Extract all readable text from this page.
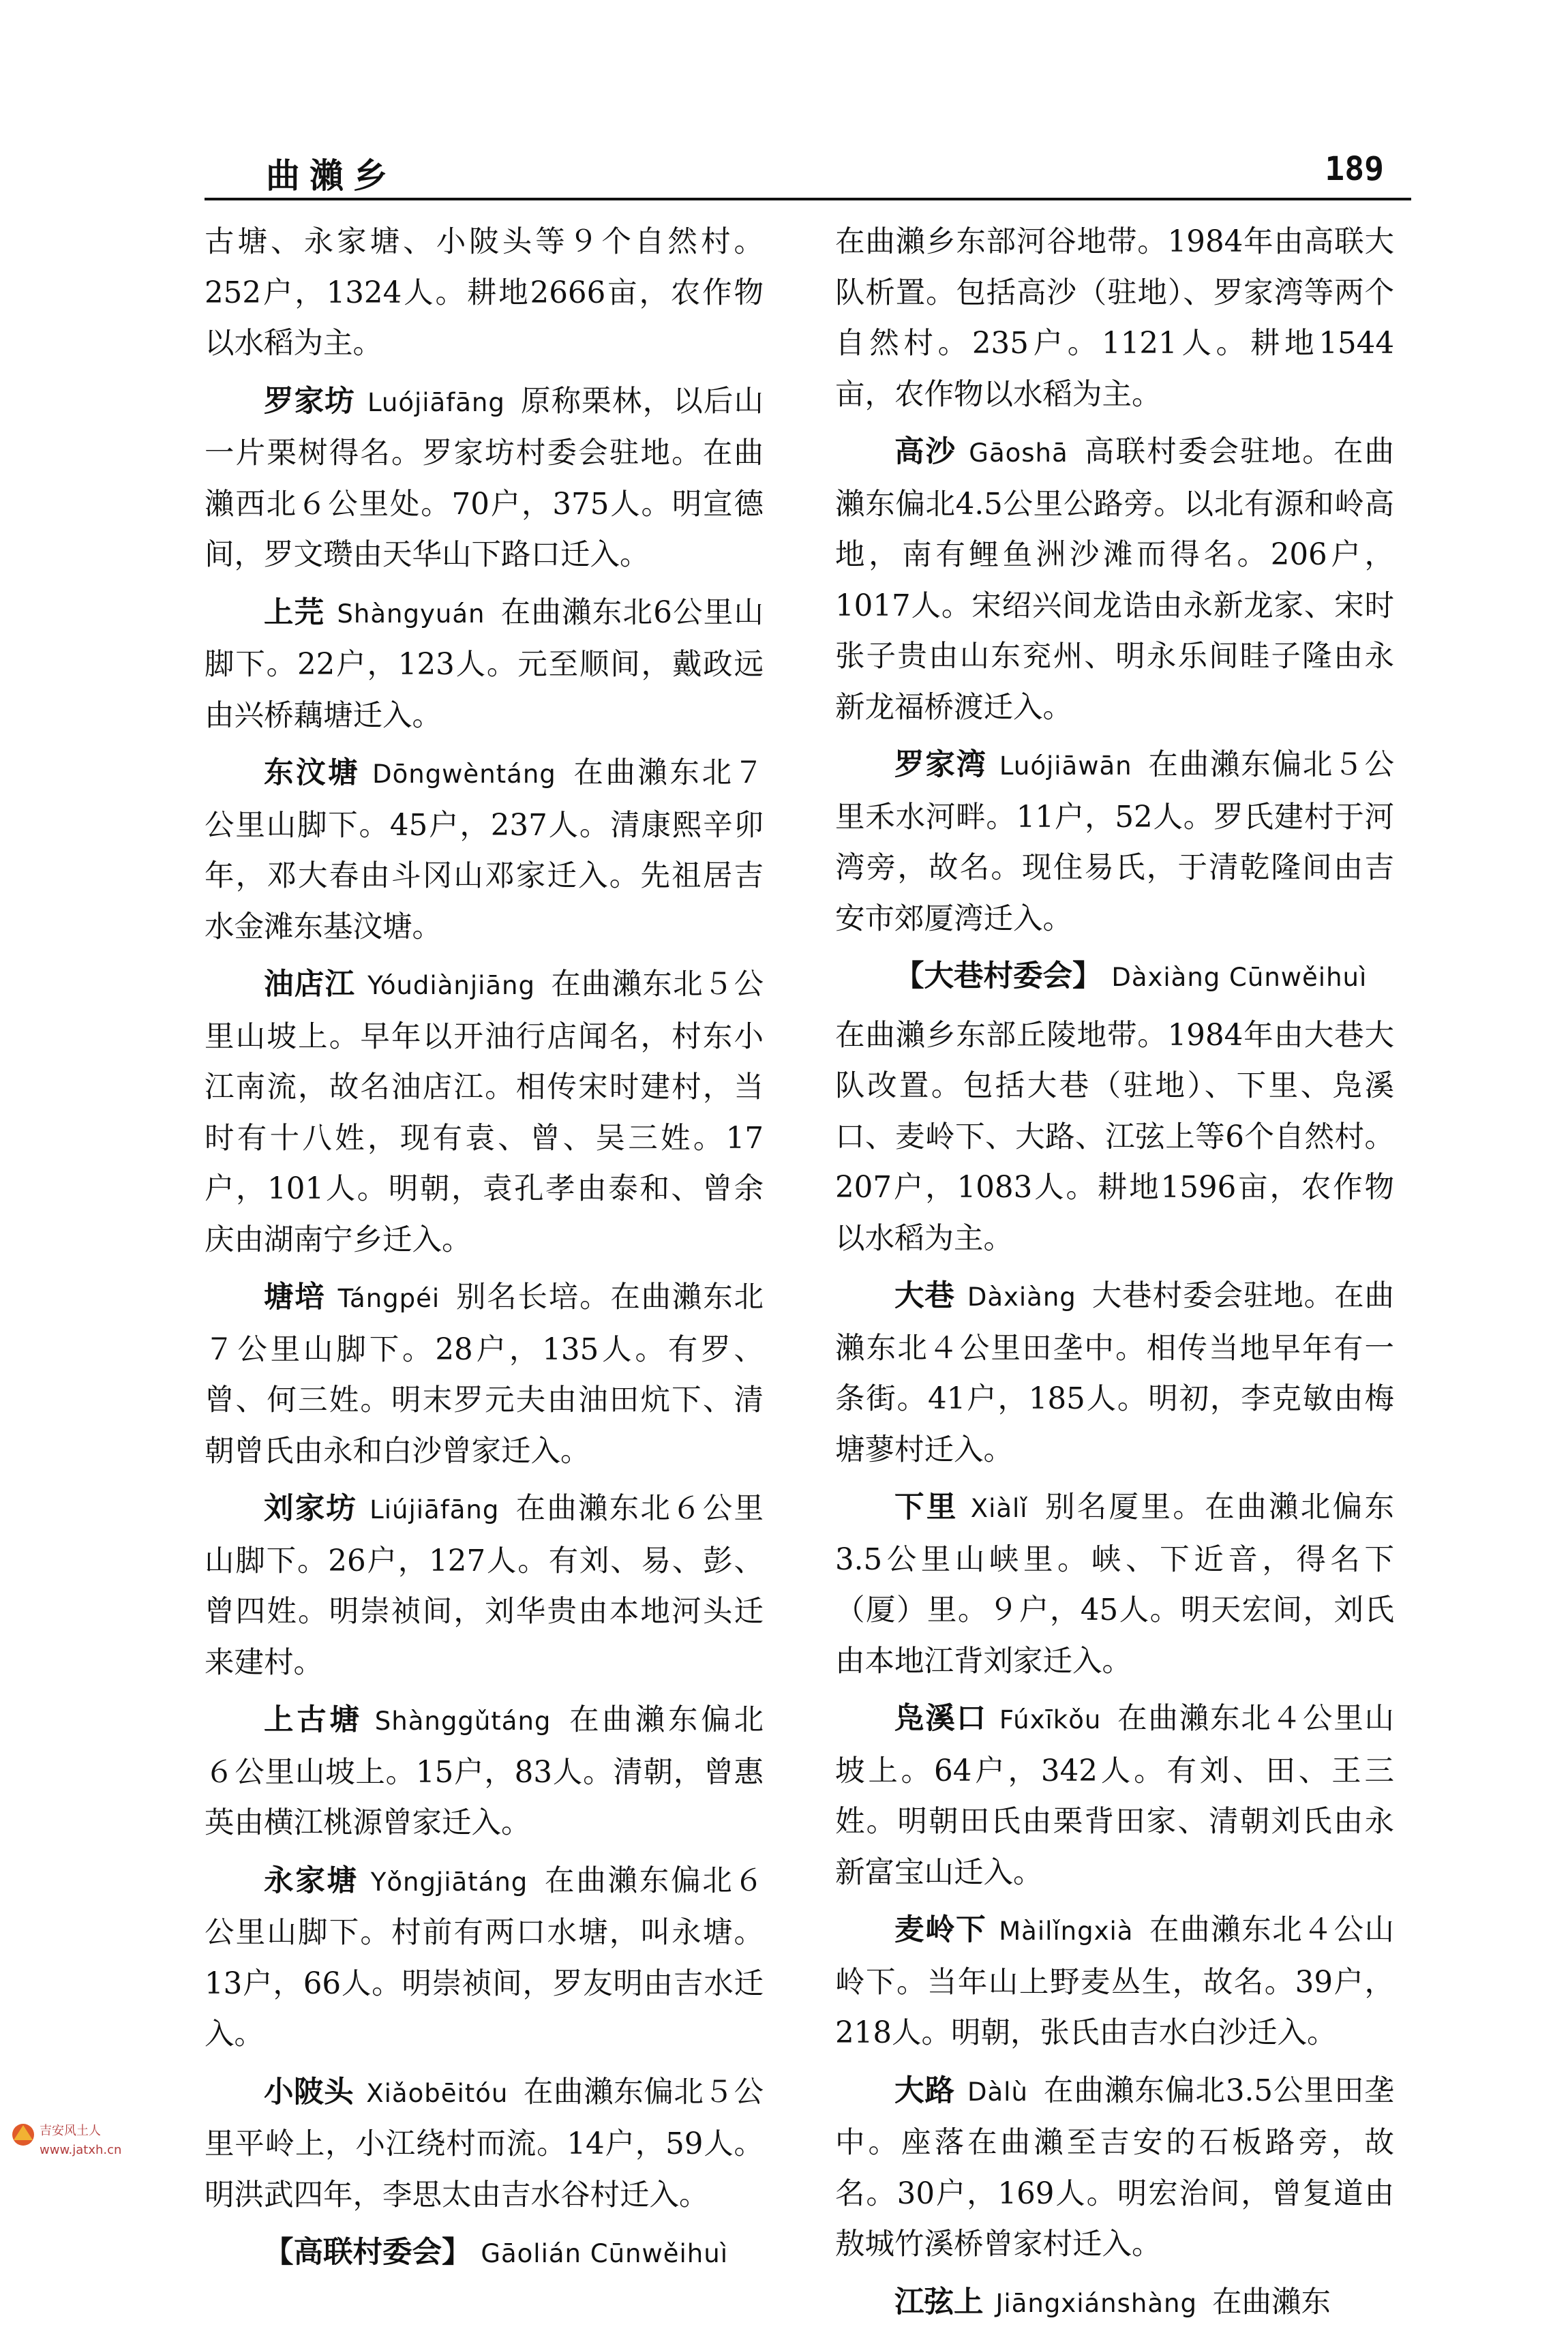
曲瀨乡	189

古塘、永家塘、小陂头等９个自然村。252户，1324人。耕地2666亩，农作物以水稻为主。

罗家坊 Luójiāfāng 原称栗林，以后山一片栗树得名。罗家坊村委会驻地。在曲瀨西北６公里处。70户，375人。明宣德间，罗文瓒由天华山下路口迁入。

上芫 Shàngyuán 在曲瀨东北6公里山脚下。22户，123人。元至顺间，戴政远由兴桥藕塘迁入。

东汶塘 Dōngwèntáng 在曲瀨东北７公里山脚下。45户，237人。清康熙辛卯年，邓大春由斗冈山邓家迁入。先祖居吉水金滩东基汶塘。

油店江 Yóudiànjiāng 在曲瀨东北５公里山坡上。早年以开油行店闻名，村东小江南流，故名油店江。相传宋时建村，当时有十八姓，现有袁、曾、吴三姓。17户，101人。明朝，袁孔孝由泰和、曾余庆由湖南宁乡迁入。

塘培 Tángpéi 别名长培。在曲瀨东北７公里山脚下。28户，135人。有罗、曾、何三姓。明末罗元夫由油田炕下、清朝曾氏由永和白沙曾家迁入。

刘家坊 Liújiāfāng 在曲瀨东北６公里山脚下。26户，127人。有刘、易、彭、曾四姓。明崇祯间，刘华贵由本地河头迁来建村。

上古塘 Shànggǔtáng 在曲瀨东偏北６公里山坡上。15户，83人。清朝，曾惠英由横江桃源曾家迁入。

永家塘 Yǒngjiātáng 在曲瀨东偏北６公里山脚下。村前有两口水塘，叫永塘。13户，66人。明崇祯间，罗友明由吉水迁入。

小陂头 Xiǎobēitóu 在曲瀨东偏北５公里平岭上，小江绕村而流。14户，59人。明洪武四年，李思太由吉水谷村迁入。

【高联村委会】 Gāolián Cūnwěihuì

在曲瀨乡东部河谷地带。1984年由高联大队析置。包括高沙（驻地）、罗家湾等两个自然村。235户。1121人。耕地1544亩，农作物以水稻为主。

高沙 Gāoshā 高联村委会驻地。在曲瀨东偏北4.5公里公路旁。以北有源和岭高地，南有鲤鱼洲沙滩而得名。206户，1017人。宋绍兴间龙诰由永新龙家、宋时张子贵由山东兖州、明永乐间眭子隆由永新龙福桥渡迁入。

罗家湾 Luójiāwān 在曲瀨东偏北５公里禾水河畔。11户，52人。罗氏建村于河湾旁，故名。现住易氏，于清乾隆间由吉安市郊厦湾迁入。

【大巷村委会】 Dàxiàng Cūnwěihuì

在曲瀨乡东部丘陵地带。1984年由大巷大队改置。包括大巷（驻地）、下里、凫溪口、麦岭下、大路、江弦上等6个自然村。207户，1083人。耕地1596亩，农作物以水稻为主。

大巷 Dàxiàng 大巷村委会驻地。在曲瀨东北４公里田垄中。相传当地早年有一条街。41户，185人。明初，李克敏由梅塘蓼村迁入。

下里 Xiàlǐ 别名厦里。在曲瀨北偏东3.5公里山峡里。峡、下近音，得名下（厦）里。９户，45人。明天宏间，刘氏由本地江背刘家迁入。

凫溪口 Fúxīkǒu 在曲瀨东北４公里山坡上。64户，342人。有刘、田、王三姓。明朝田氏由栗背田家、清朝刘氏由永新富宝山迁入。

麦岭下 Màilǐngxià 在曲瀨东北４公山岭下。当年山上野麦丛生，故名。39户，218人。明朝，张氏由吉水白沙迁入。

大路 Dàlù 在曲瀨东偏北3.5公里田垄中。座落在曲瀨至吉安的石板路旁，故名。30户，169人。明宏治间，曾复道由敖城竹溪桥曾家村迁入。

江弦上 Jiāngxiánshàng 在曲瀨东

吉安风土人
www.jatxh.cn
